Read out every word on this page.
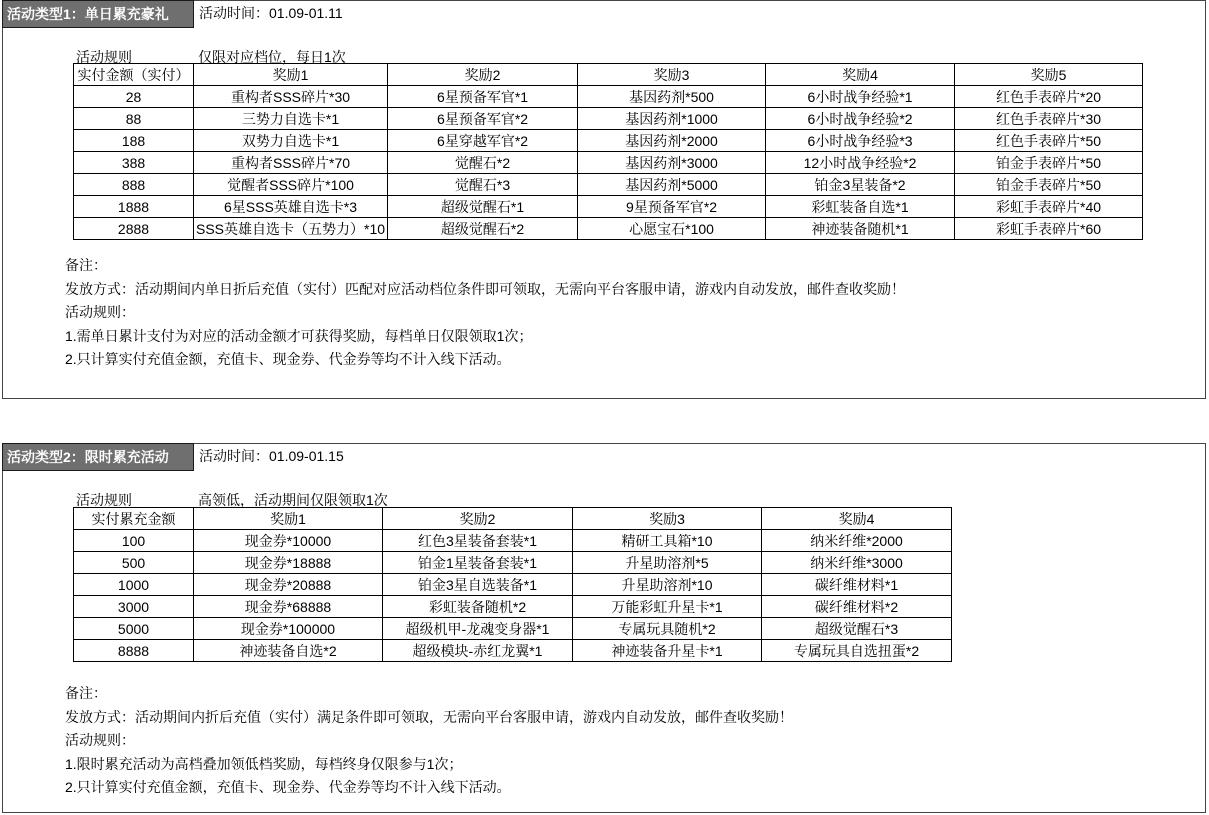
活动类型1：单日累充豪礼	活动时间：01.09-01.11
活动规则	仅限对应档位，每日1次
实付金额（实付）	奖励1	奖励2	奖励3	奖励4	奖励5
28	重构者SSS碎片*30	6星预备军官*1	基因药剂*500	6小时战争经验*1	红色手表碎片*20
88	三势力自选卡*1	6星预备军官*2	基因药剂*1000	6小时战争经验*2	红色手表碎片*30
188	双势力自选卡*1	6星穿越军官*2	基因药剂*2000	6小时战争经验*3	红色手表碎片*50
388	重构者SSS碎片*70	觉醒石*2	基因药剂*3000	12小时战争经验*2	铂金手表碎片*50
888	觉醒者SSS碎片*100	觉醒石*3	基因药剂*5000	铂金3星装备*2	铂金手表碎片*50
1888	6星SSS英雄自选卡*3	超级觉醒石*1	9星预备军官*2	彩虹装备自选*1	彩虹手表碎片*40
2888	SSS英雄自选卡（五势力）*10	超级觉醒石*2	心愿宝石*100	神迹装备随机*1	彩虹手表碎片*60
备注：
发放方式：活动期间内单日折后充值（实付）匹配对应活动档位条件即可领取，无需向平台客服申请，游戏内自动发放，邮件查收奖励！
活动规则：
1.需单日累计支付为对应的活动金额才可获得奖励，每档单日仅限领取1次；
2.只计算实付充值金额，充值卡、现金券、代金券等均不计入线下活动。
活动类型2：限时累充活动	活动时间：01.09-01.15
活动规则	高领低，活动期间仅限领取1次
实付累充金额	奖励1	奖励2	奖励3	奖励4
100	现金券*10000	红色3星装备套装*1	精研工具箱*10	纳米纤维*2000
500	现金券*18888	铂金1星装备套装*1	升星助溶剂*5	纳米纤维*3000
1000	现金券*20888	铂金3星自选装备*1	升星助溶剂*10	碳纤维材料*1
3000	现金券*68888	彩虹装备随机*2	万能彩虹升星卡*1	碳纤维材料*2
5000	现金券*100000	超级机甲-龙魂变身器*1	专属玩具随机*2	超级觉醒石*3
8888	神迹装备自选*2	超级模块-赤红龙翼*1	神迹装备升星卡*1	专属玩具自选扭蛋*2
备注：
发放方式：活动期间内折后充值（实付）满足条件即可领取，无需向平台客服申请，游戏内自动发放，邮件查收奖励！
活动规则：
1.限时累充活动为高档叠加领低档奖励，每档终身仅限参与1次；
2.只计算实付充值金额，充值卡、现金券、代金券等均不计入线下活动。
